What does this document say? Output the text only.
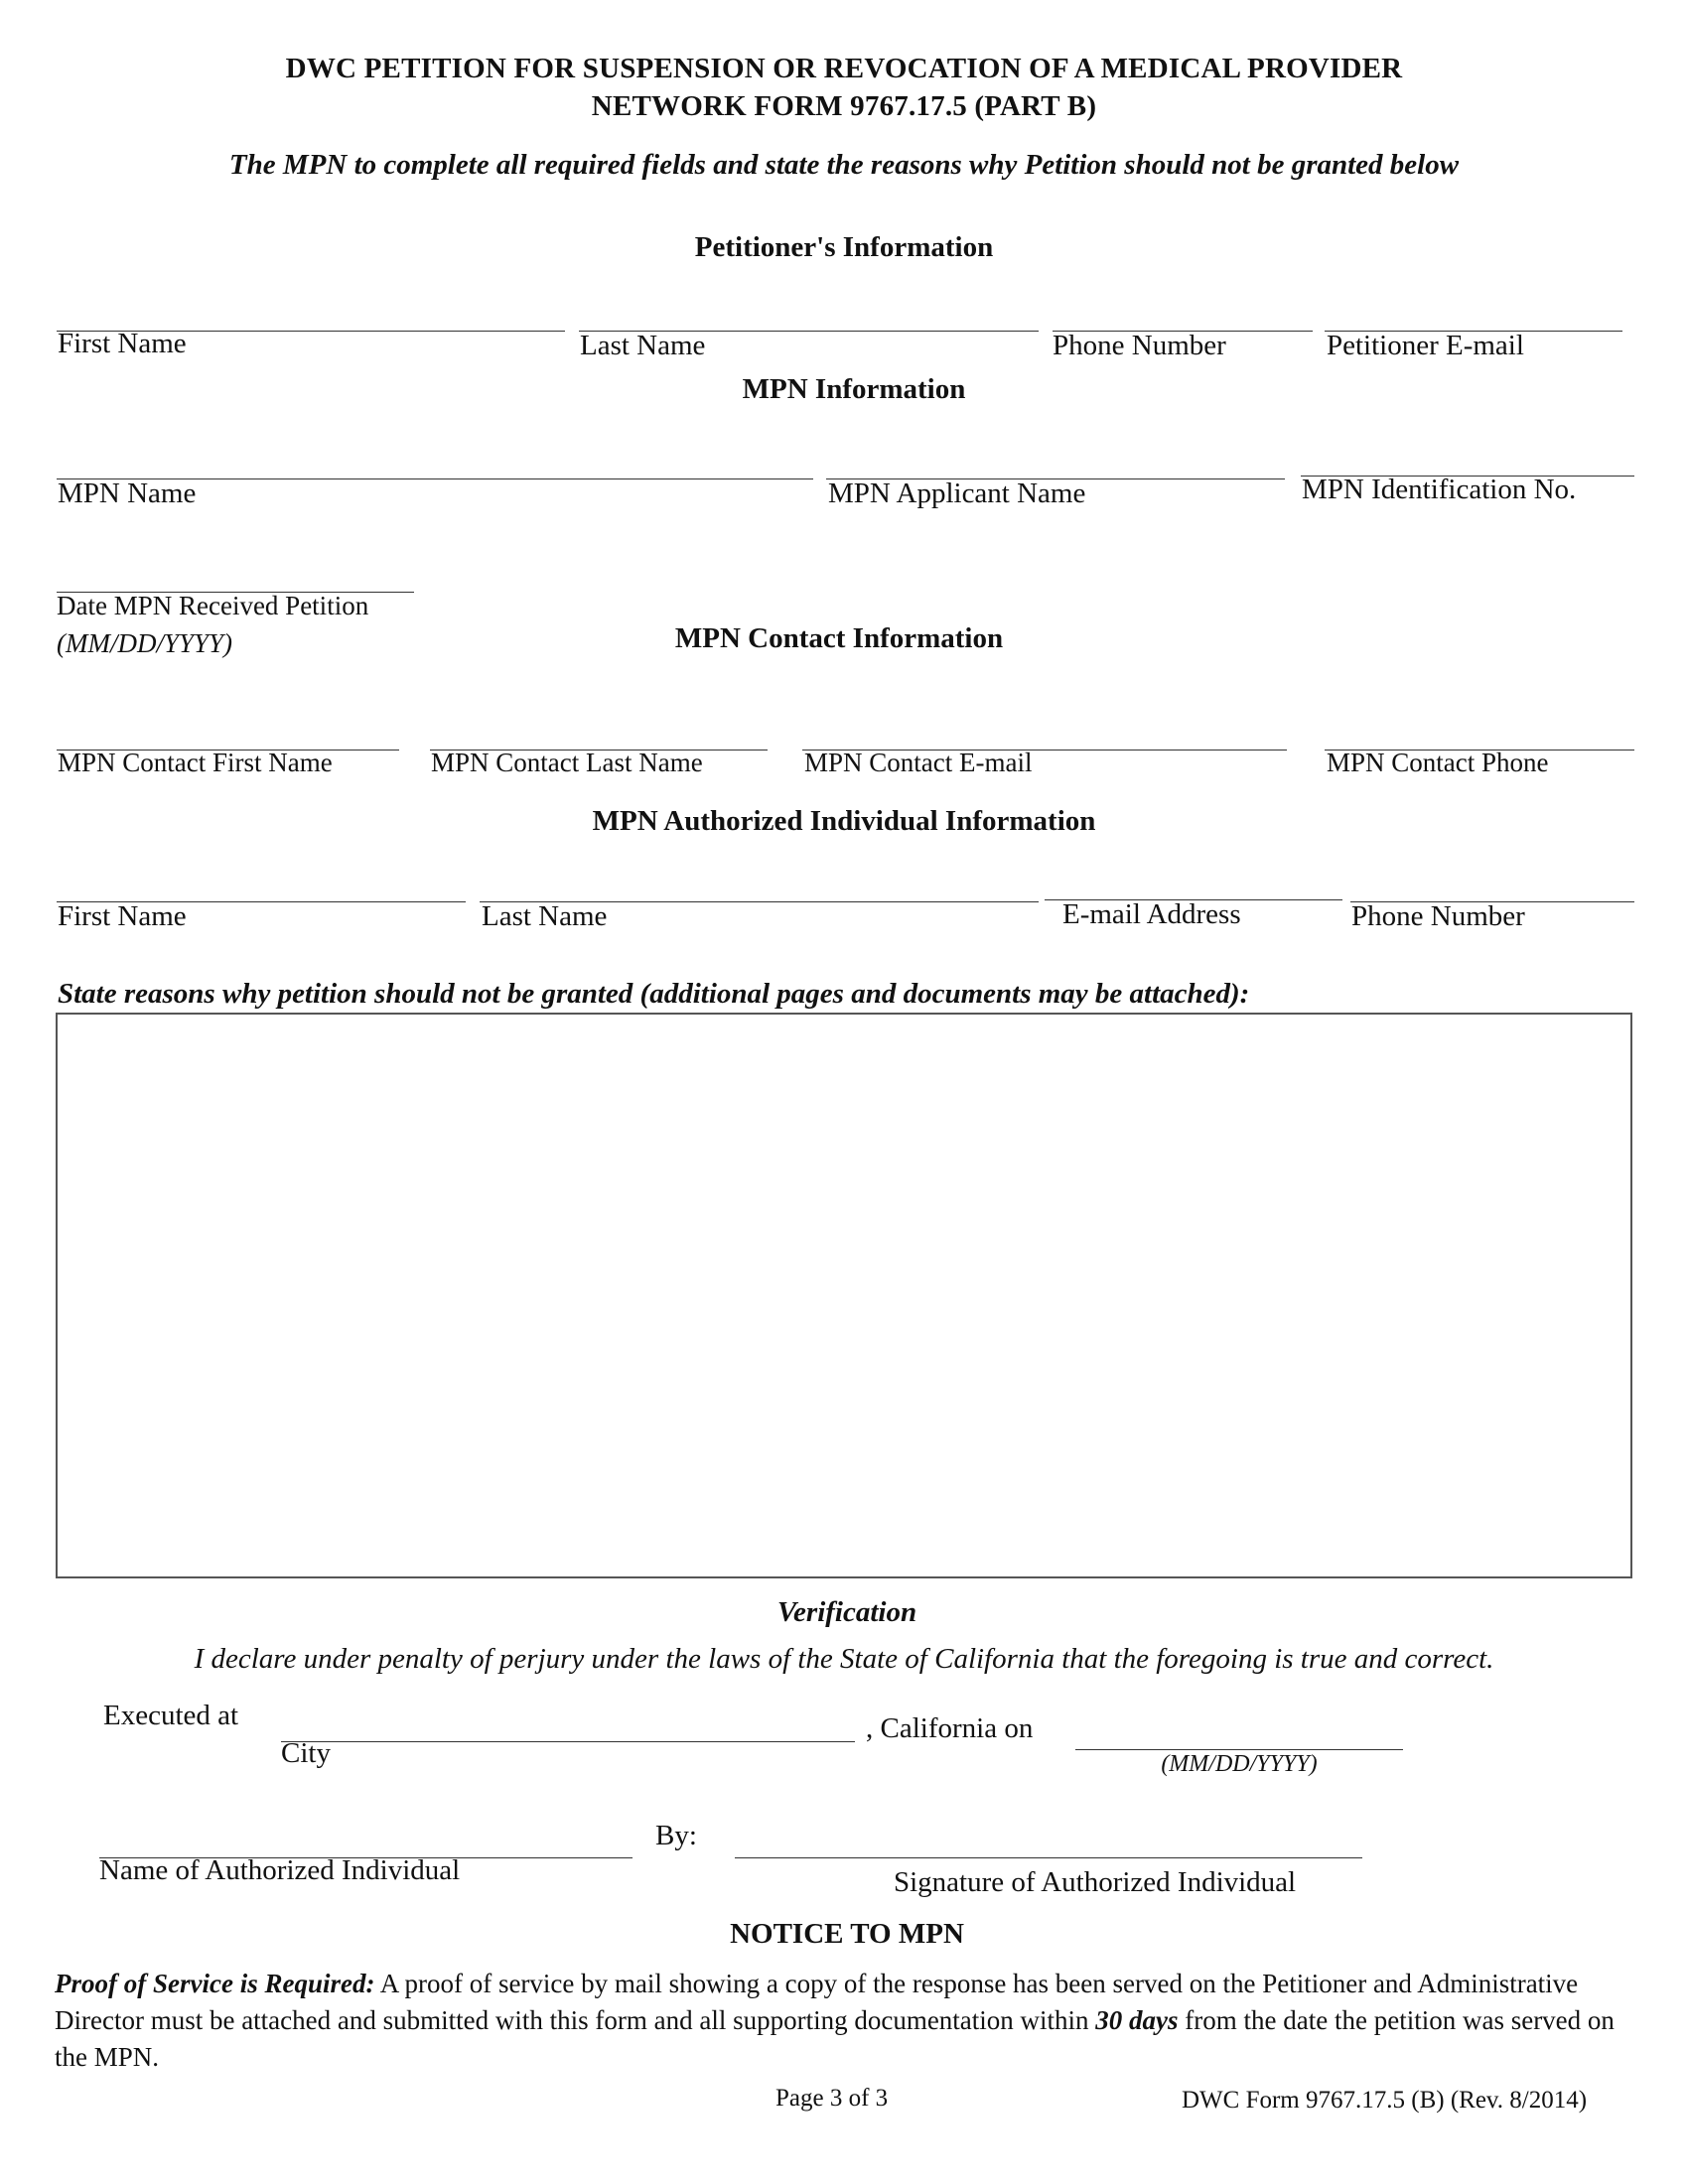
DWC PETITION FOR SUSPENSION OR REVOCATION OF A MEDICAL PROVIDER
NETWORK FORM 9767.17.5 (PART B)
The MPN to complete all required fields and state the reasons why Petition should not be granted below
Petitioner's Information
First Name	Last Name	Phone Number	Petitioner E-mail
MPN Information
MPN Name	MPN Applicant Name	MPN Identification No.
Date MPN Received Petition
(MM/DD/YYYY)	MPN Contact Information
MPN Contact First Name	MPN Contact Last Name	MPN Contact E-mail	MPN Contact Phone
MPN Authorized Individual Information
First Name	Last Name	E-mail Address	Phone Number
State reasons why petition should not be granted (additional pages and documents may be attached):
Verification
I declare under penalty of perjury under the laws of the State of California that the foregoing is true and correct.
Executed at
City
, California on
(MM/DD/YYYY)
Name of Authorized Individual
By:
Signature of Authorized Individual
NOTICE TO MPN
Proof of Service is Required: A proof of service by mail showing a copy of the response has been served on the Petitioner and Administrative Director must be attached and submitted with this form and all supporting documentation within 30 days from the date the petition was served on the MPN.
Page 3 of 3	DWC Form 9767.17.5 (B) (Rev. 8/2014)
